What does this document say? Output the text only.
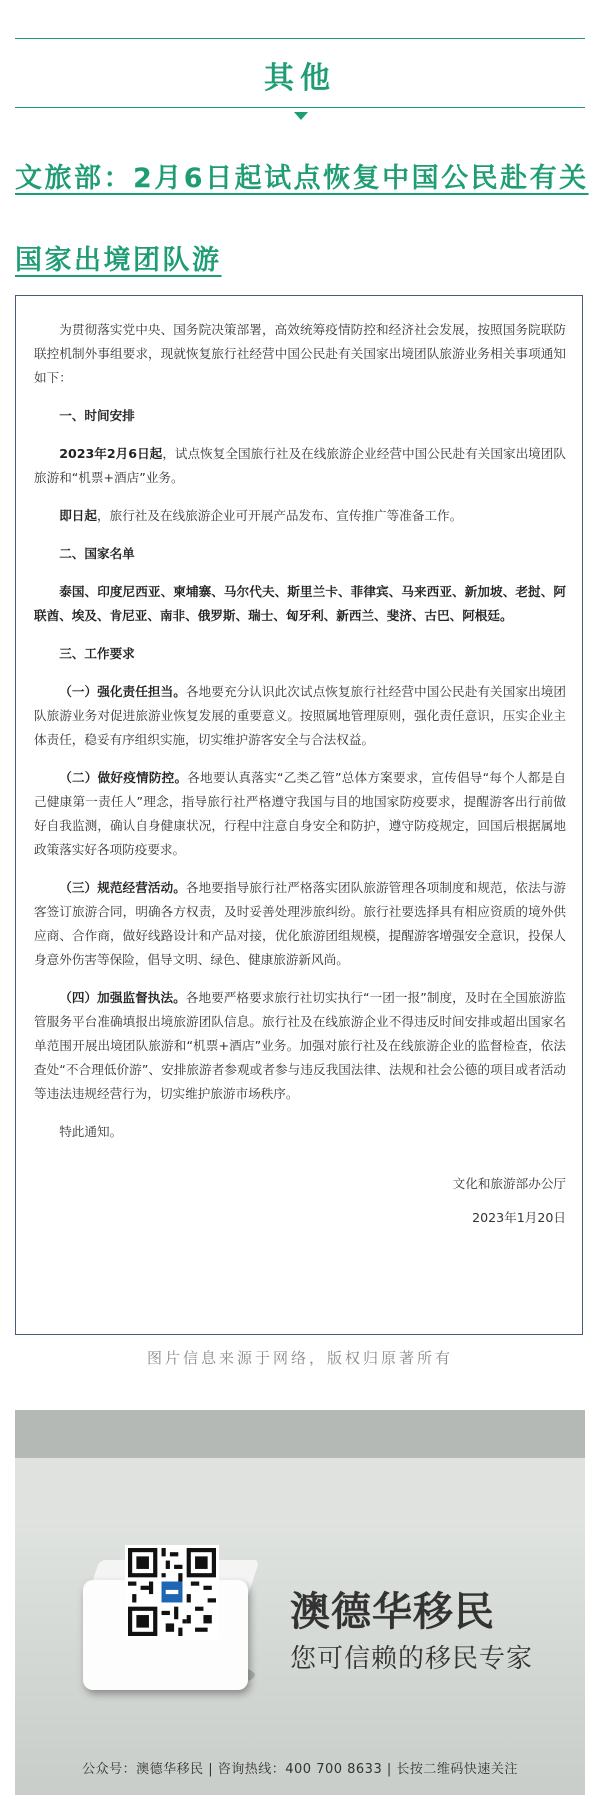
其他
文旅部：2月6日起试点恢复中国公民赴有关国家出境团队游

为贯彻落实党中央、国务院决策部署，高效统筹疫情防控和经济社会发展，按照国务院联防联控机制外事组要求，现就恢复旅行社经营中国公民赴有关国家出境团队旅游业务相关事项通知如下：

一、时间安排

2023年2月6日起，试点恢复全国旅行社及在线旅游企业经营中国公民赴有关国家出境团队旅游和“机票+酒店”业务。

即日起，旅行社及在线旅游企业可开展产品发布、宣传推广等准备工作。

二、国家名单

泰国、印度尼西亚、柬埔寨、马尔代夫、斯里兰卡、菲律宾、马来西亚、新加坡、老挝、阿联酋、埃及、肯尼亚、南非、俄罗斯、瑞士、匈牙利、新西兰、斐济、古巴、阿根廷。

三、工作要求

（一）强化责任担当。各地要充分认识此次试点恢复旅行社经营中国公民赴有关国家出境团队旅游业务对促进旅游业恢复发展的重要意义。按照属地管理原则，强化责任意识，压实企业主体责任，稳妥有序组织实施，切实维护游客安全与合法权益。

（二）做好疫情防控。各地要认真落实“乙类乙管”总体方案要求，宣传倡导“每个人都是自己健康第一责任人”理念，指导旅行社严格遵守我国与目的地国家防疫要求，提醒游客出行前做好自我监测，确认自身健康状况，行程中注意自身安全和防护，遵守防疫规定，回国后根据属地政策落实好各项防疫要求。

（三）规范经营活动。各地要指导旅行社严格落实团队旅游管理各项制度和规范，依法与游客签订旅游合同，明确各方权责，及时妥善处理涉旅纠纷。旅行社要选择具有相应资质的境外供应商、合作商，做好线路设计和产品对接，优化旅游团组规模，提醒游客增强安全意识，投保人身意外伤害等保险，倡导文明、绿色、健康旅游新风尚。

（四）加强监督执法。各地要严格要求旅行社切实执行“一团一报”制度，及时在全国旅游监管服务平台准确填报出境旅游团队信息。旅行社及在线旅游企业不得违反时间安排或超出国家名单范围开展出境团队旅游和“机票+酒店”业务。加强对旅行社及在线旅游企业的监督检查，依法查处“不合理低价游”、安排旅游者参观或者参与违反我国法律、法规和社会公德的项目或者活动等违法违规经营行为，切实维护旅游市场秩序。

特此通知。

文化和旅游部办公厅

2023年1月20日

图片信息来源于网络，版权归原著所有
澳德华移民
您可信赖的移民专家
公众号：澳德华移民 | 咨询热线：400 700 8633 | 长按二维码快速关注
